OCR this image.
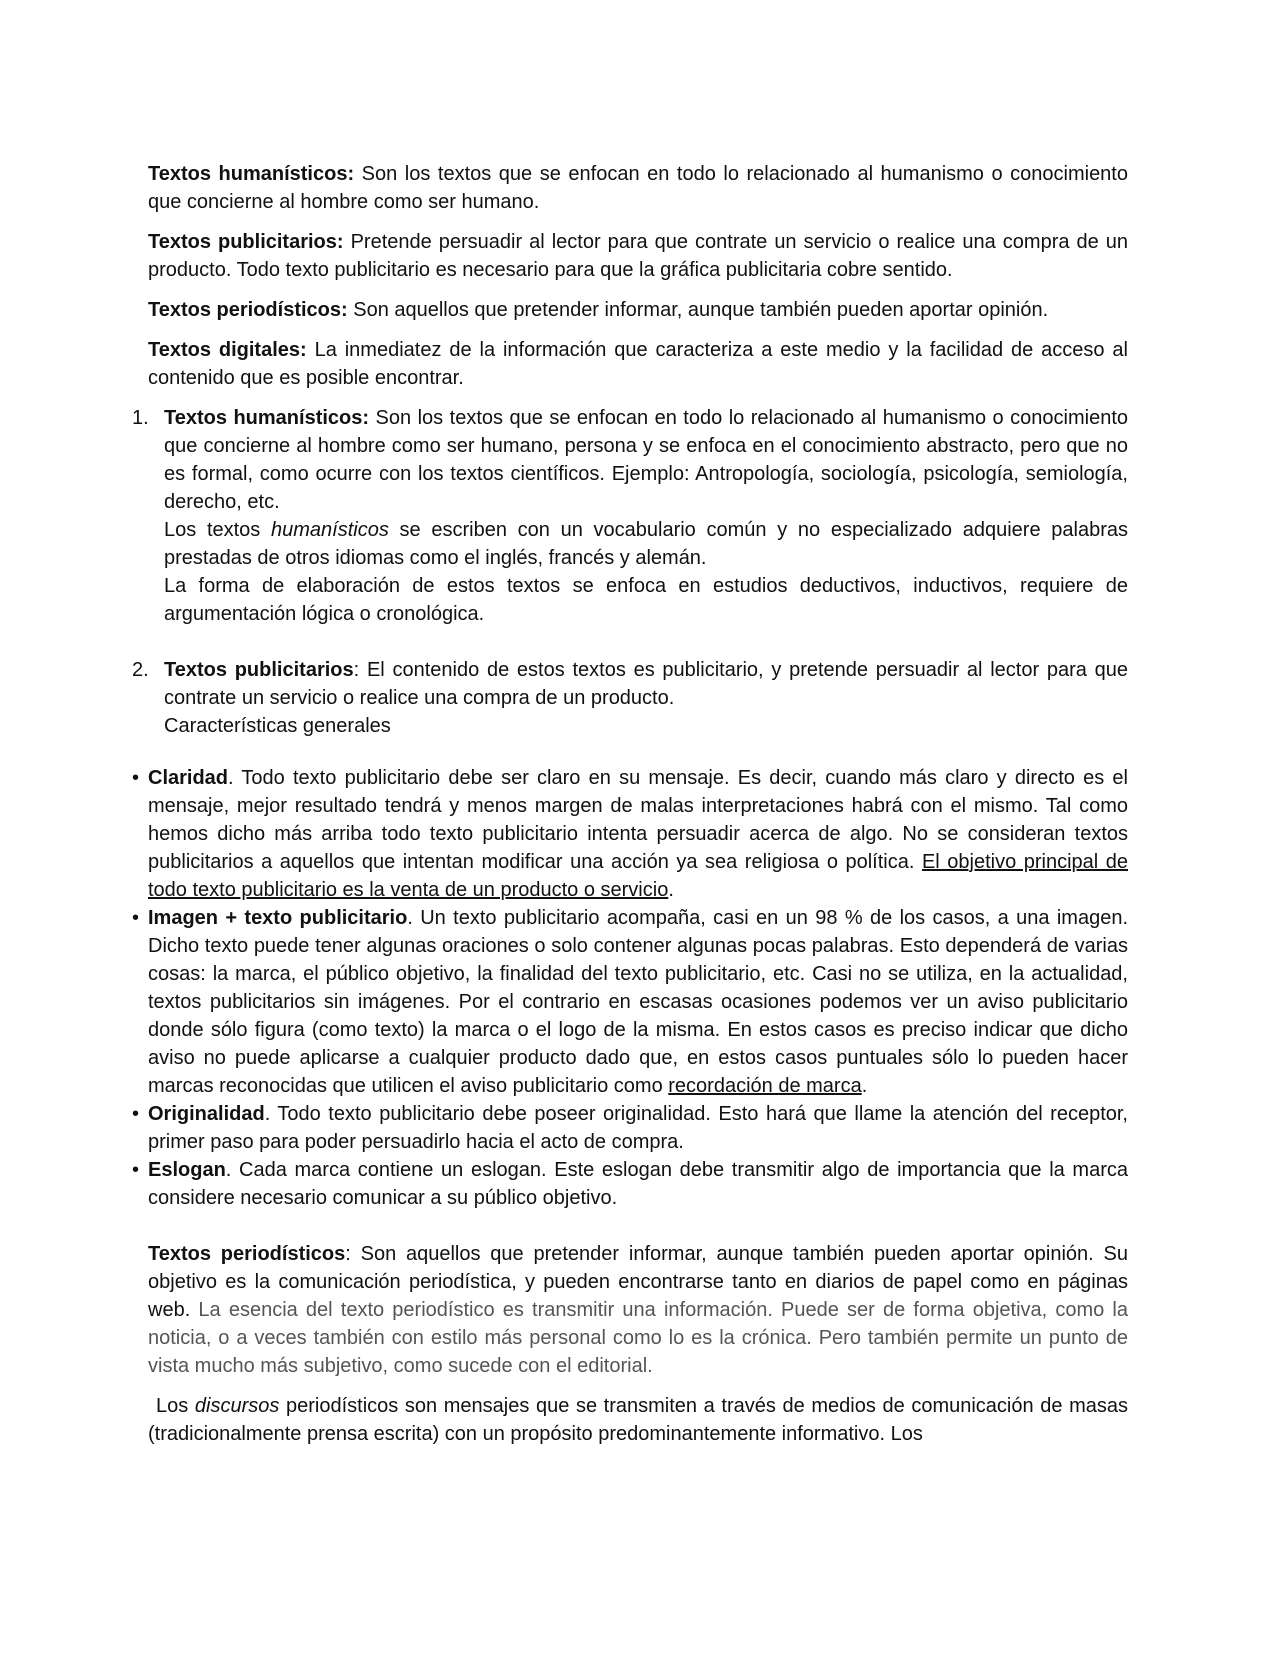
Textos humanísticos: Son los textos que se enfocan en todo lo relacionado al humanismo o conocimiento que concierne al hombre como ser humano.

Textos publicitarios: Pretende persuadir al lector para que contrate un servicio o realice una compra de un producto. Todo texto publicitario es necesario para que la gráfica publicitaria cobre sentido.

Textos periodísticos: Son aquellos que pretender informar, aunque también pueden aportar opinión.

Textos digitales: La inmediatez de la información que caracteriza a este medio y la facilidad de acceso al contenido que es posible encontrar.

1. Textos humanísticos: Son los textos que se enfocan en todo lo relacionado al humanismo o conocimiento que concierne al hombre como ser humano, persona y se enfoca en el conocimiento abstracto, pero que no es formal, como ocurre con los textos científicos. Ejemplo: Antropología, sociología, psicología, semiología, derecho, etc.
Los textos humanísticos se escriben con un vocabulario común y no especializado adquiere palabras prestadas de otros idiomas como el inglés, francés y alemán.
La forma de elaboración de estos textos se enfoca en estudios deductivos, inductivos, requiere de argumentación lógica o cronológica.
2. Textos publicitarios: El contenido de estos textos es publicitario, y pretende persuadir al lector para que contrate un servicio o realice una compra de un producto.
Características generales
• Claridad. Todo texto publicitario debe ser claro en su mensaje. Es decir, cuando más claro y directo es el mensaje, mejor resultado tendrá y menos margen de malas interpretaciones habrá con el mismo. Tal como hemos dicho más arriba todo texto publicitario intenta persuadir acerca de algo. No se consideran textos publicitarios a aquellos que intentan modificar una acción ya sea religiosa o política. El objetivo principal de todo texto publicitario es la venta de un producto o servicio.
• Imagen + texto publicitario. Un texto publicitario acompaña, casi en un 98 % de los casos, a una imagen. Dicho texto puede tener algunas oraciones o solo contener algunas pocas palabras. Esto dependerá de varias cosas: la marca, el público objetivo, la finalidad del texto publicitario, etc. Casi no se utiliza, en la actualidad, textos publicitarios sin imágenes. Por el contrario en escasas ocasiones podemos ver un aviso publicitario donde sólo figura (como texto) la marca o el logo de la misma. En estos casos es preciso indicar que dicho aviso no puede aplicarse a cualquier producto dado que, en estos casos puntuales sólo lo pueden hacer marcas reconocidas que utilicen el aviso publicitario como recordación de marca.
• Originalidad. Todo texto publicitario debe poseer originalidad. Esto hará que llame la atención del receptor, primer paso para poder persuadirlo hacia el acto de compra.
• Eslogan. Cada marca contiene un eslogan. Este eslogan debe transmitir algo de importancia que la marca considere necesario comunicar a su público objetivo.

Textos periodísticos: Son aquellos que pretender informar, aunque también pueden aportar opinión. Su objetivo es la comunicación periodística, y pueden encontrarse tanto en diarios de papel como en páginas web. La esencia del texto periodístico es transmitir una información. Puede ser de forma objetiva, como la noticia, o a veces también con estilo más personal como lo es la crónica. Pero también permite un punto de vista mucho más subjetivo, como sucede con el editorial.

Los discursos periodísticos son mensajes que se transmiten a través de medios de comunicación de masas (tradicionalmente prensa escrita) con un propósito predominantemente informativo. Los
